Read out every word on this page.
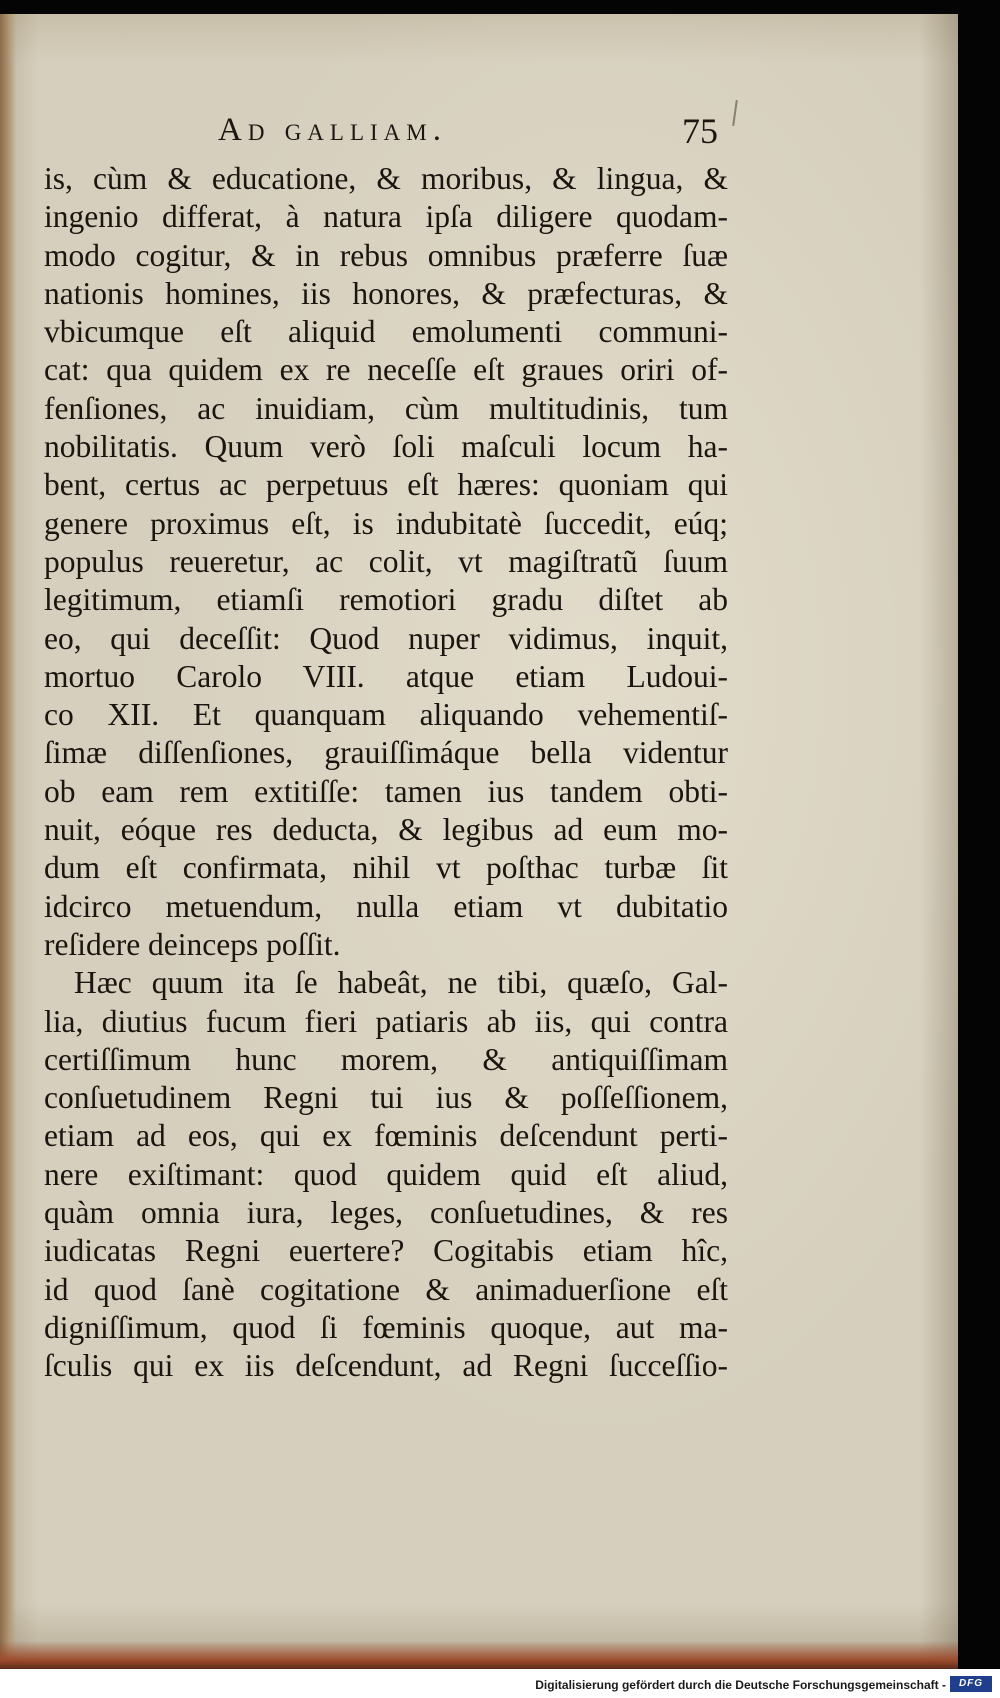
Ad galliam.	75
is, cùm & educatione, & moribus, & lingua, &
ingenio differat, à natura ipſa diligere quodam-
modo cogitur, & in rebus omnibus præferre ſuæ
nationis homines, iis honores, & præfecturas, &
vbicumque eſt aliquid emolumenti communi-
cat: qua quidem ex re neceſſe eſt graues oriri of-
fenſiones, ac inuidiam, cùm multitudinis, tum
nobilitatis. Quum verò ſoli maſculi locum ha-
bent, certus ac perpetuus eſt hæres: quoniam qui
genere proximus eſt, is indubitatè ſuccedit, eúq;
populus reueretur, ac colit, vt magiſtratũ ſuum
legitimum, etiamſi remotiori gradu diſtet ab
eo, qui deceſſit: Quod nuper vidimus, inquit,
mortuo Carolo VIII. atque etiam Ludoui-
co XII. Et quanquam aliquando vehementiſ-
ſimæ diſſenſiones, grauiſſimáque bella videntur
ob eam rem extitiſſe: tamen ius tandem obti-
nuit, eóque res deducta, & legibus ad eum mo-
dum eſt confirmata, nihil vt poſthac turbæ ſit
idcirco metuendum, nulla etiam vt dubitatio
reſidere deinceps poſſit.
Hæc quum ita ſe habeât, ne tibi, quæſo, Gal-
lia, diutius fucum fieri patiaris ab iis, qui contra
certiſſimum hunc morem, & antiquiſſimam
conſuetudinem Regni tui ius & poſſeſſionem,
etiam ad eos, qui ex fœminis deſcendunt perti-
nere exiſtimant: quod quidem quid eſt aliud,
quàm omnia iura, leges, conſuetudines, & res
iudicatas Regni euertere? Cogitabis etiam hîc,
id quod ſanè cogitatione & animaduerſione eſt
digniſſimum, quod ſi fœminis quoque, aut ma-
ſculis qui ex iis deſcendunt, ad Regni ſucceſſio-
Digitalisierung gefördert durch die Deutsche Forschungsgemeinschaft -	DFG
